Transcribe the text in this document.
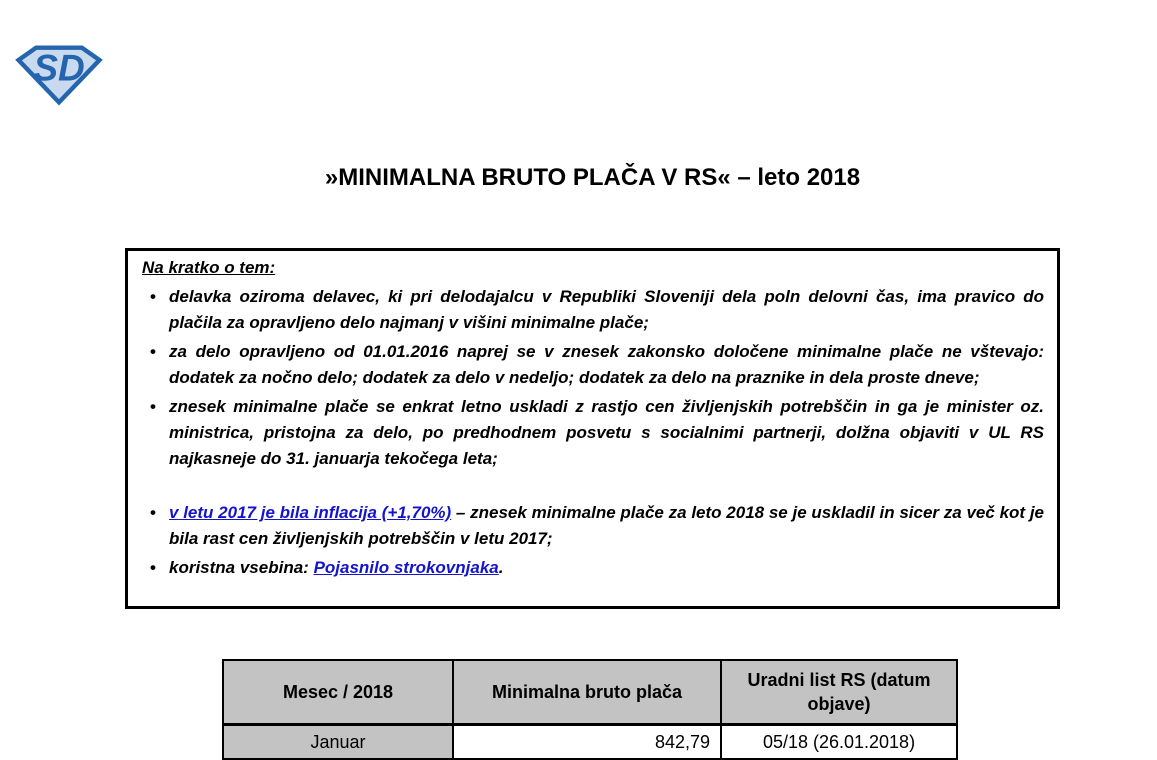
SD
»MINIMALNA BRUTO PLAČA V RS« – leto 2018
Na kratko o tem:
• delavka oziroma delavec, ki pri delodajalcu v Republiki Sloveniji dela poln delovni čas, ima pravico do plačila za opravljeno delo najmanj v višini minimalne plače;
• za delo opravljeno od 01.01.2016 naprej se v znesek zakonsko določene minimalne plače ne vštevajo: dodatek za nočno delo; dodatek za delo v nedeljo; dodatek za delo na praznike in dela proste dneve;
• znesek minimalne plače se enkrat letno uskladi z rastjo cen življenjskih potrebščin in ga je minister oz. ministrica, pristojna za delo, po predhodnem posvetu s socialnimi partnerji, dolžna objaviti v UL RS najkasneje do 31. januarja tekočega leta;
• v letu 2017 je bila inflacija (+1,70%) – znesek minimalne plače za leto 2018 se je uskladil in sicer za več kot je bila rast cen življenjskih potrebščin v letu 2017;
• koristna vsebina: Pojasnilo strokovnjaka.
Mesec / 2018	Minimalna bruto plača	Uradni list RS (datum objave)
Januar	842,79	05/18 (26.01.2018)
